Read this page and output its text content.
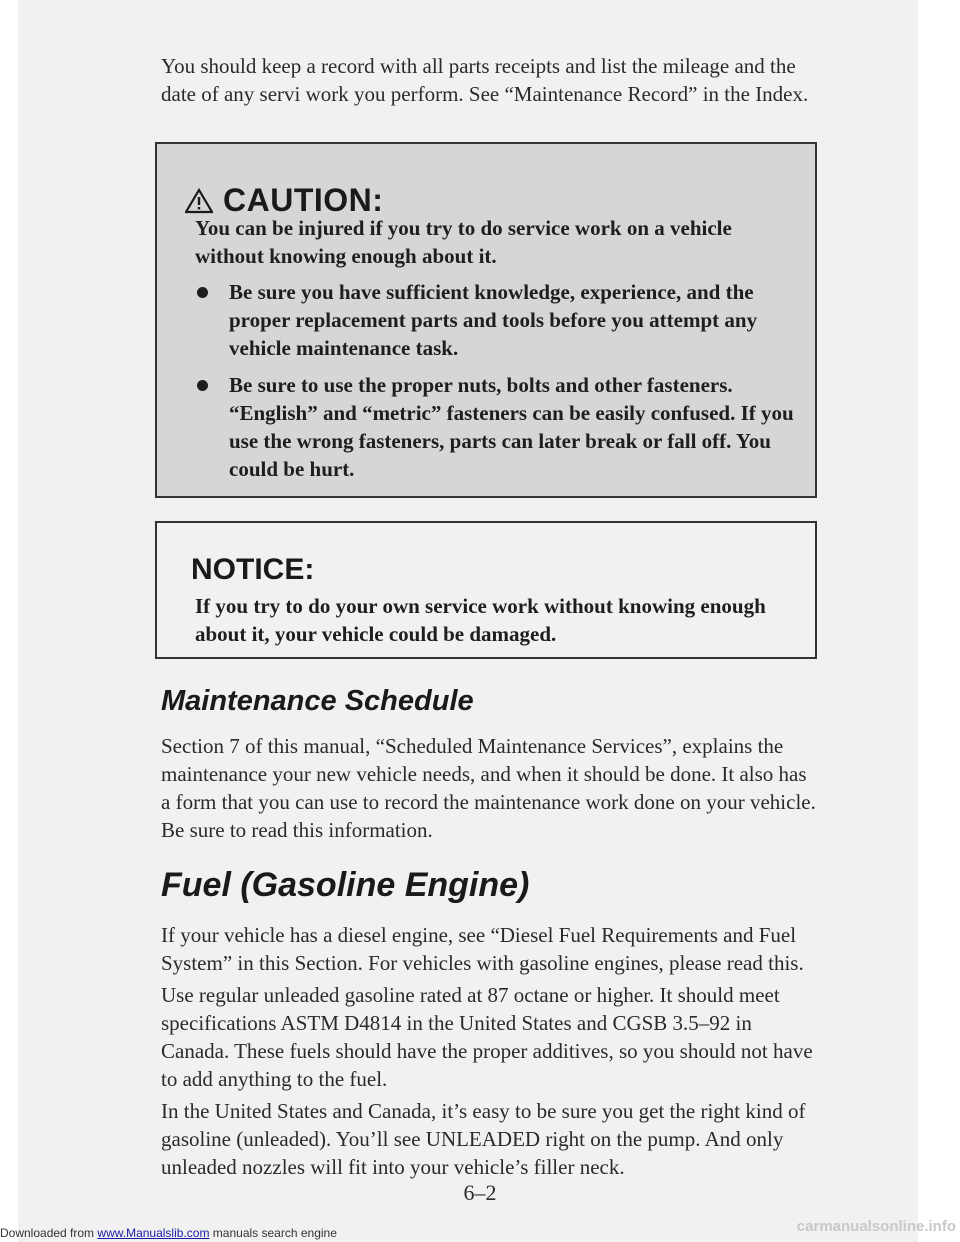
You should keep a record with all parts receipts and list the mileage and the date of any servi work you perform. See “Maintenance Record” in the Index.

CAUTION:
You can be injured if you try to do service work on a vehicle without knowing enough about it.
Be sure you have sufficient knowledge, experience, and the proper replacement parts and tools before you attempt any vehicle maintenance task.
Be sure to use the proper nuts, bolts and other fasteners. “English” and “metric” fasteners can be easily confused. If you use the wrong fasteners, parts can later break or fall off. You could be hurt.
NOTICE:
If you try to do your own service work without knowing enough about it, your vehicle could be damaged.
Maintenance Schedule

Section 7 of this manual, “Scheduled Maintenance Services”, explains the maintenance your new vehicle needs, and when it should be done. It also has a form that you can use to record the maintenance work done on your vehicle. Be sure to read this information.

Fuel (Gasoline Engine)

If your vehicle has a diesel engine, see “Diesel Fuel Requirements and Fuel System” in this Section. For vehicles with gasoline engines, please read this.

Use regular unleaded gasoline rated at 87 octane or higher. It should meet specifications ASTM D4814 in the United States and CGSB 3.5–92 in Canada. These fuels should have the proper additives, so you should not have to add anything to the fuel.

In the United States and Canada, it’s easy to be sure you get the right kind of gasoline (unleaded). You’ll see UNLEADED right on the pump. And only unleaded nozzles will fit into your vehicle’s filler neck.

6–2
Downloaded from www.Manualslib.com manuals search engine	carmanualsonline.info
